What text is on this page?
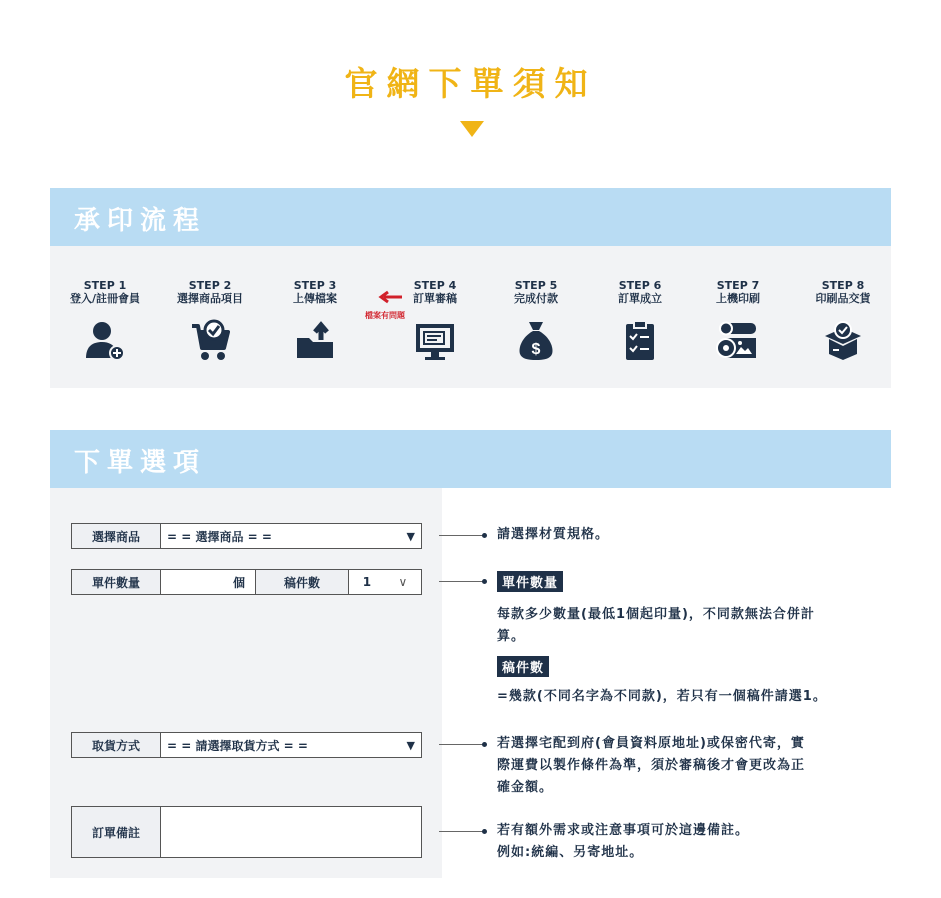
官網下單須知
承印流程
STEP 1
登入/註冊會員
STEP 2
選擇商品項目
STEP 3
上傳檔案
檔案有問題
STEP 4
訂單審稿
STEP 5
完成付款
$
STEP 6
訂單成立
STEP 7
上機印刷
STEP 8
印刷品交貨
下單選項
選擇商品	= = 選擇商品 = =	▼
單件數量	個	稿件數	1 ∨
取貨方式	= = 請選擇取貨方式 = =	▼
訂單備註
請選擇材質規格。
單件數量
每款多少數量(最低1個起印量)，不同款無法合併計
算。
稿件數
=幾款(不同名字為不同款)，若只有一個稿件請選1。
若選擇宅配到府(會員資料原地址)或保密代寄，實
際運費以製作條件為準，須於審稿後才會更改為正
確金額。
若有額外需求或注意事項可於這邊備註。
例如:統編、另寄地址。
